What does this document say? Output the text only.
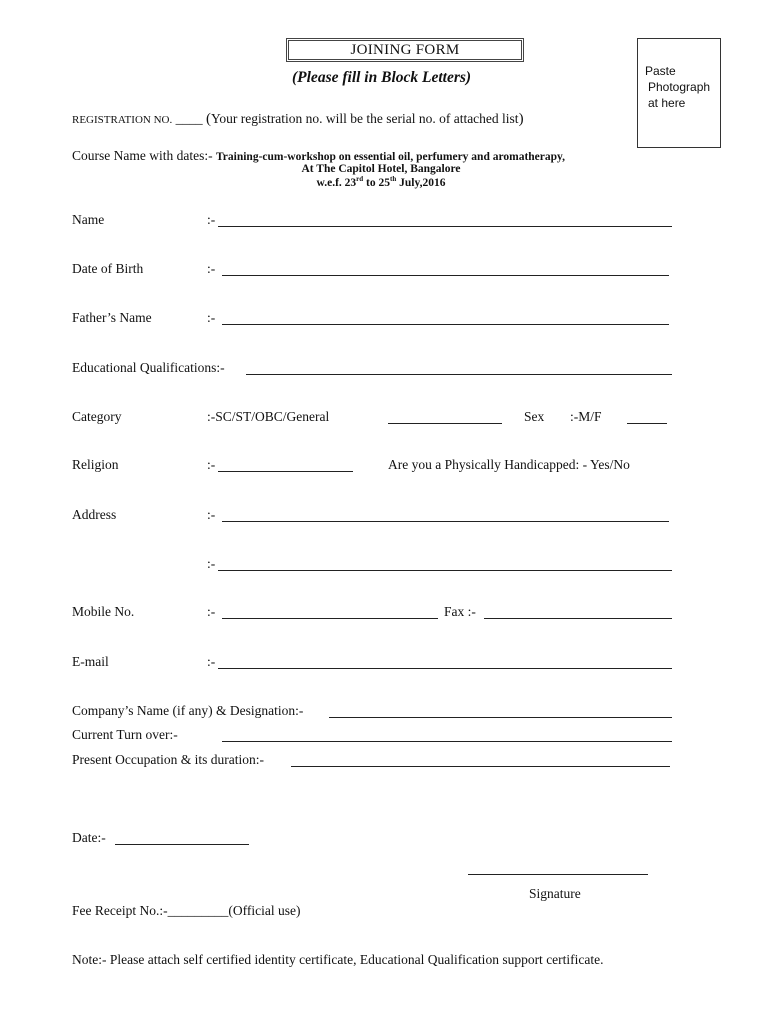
JOINING FORM
(Please fill in Block Letters)	Paste
Photograph
at here
REGISTRATION NO. ____ (Your registration no. will be the serial no. of attached list)
Course Name with dates:- Training-cum-workshop on essential oil, perfumery and aromatherapy,
At The Capitol Hotel, Bangalore
w.e.f. 23rd to 25th July,2016
Name	:-
Date of Birth	:-
Father’s Name	:-
Educational Qualifications:-
Category	:-SC/ST/OBC/General	Sex :-M/F
Religion	:-	Are you a Physically Handicapped: - Yes/No
Address	:-
:-
Mobile No.	:-	Fax :-
E-mail	:-
Company’s Name (if any) & Designation:-
Current Turn over:-
Present Occupation & its duration:-
Date:-
Signature
Fee Receipt No.:-_________(Official use)
Note:- Please attach self certified identity certificate, Educational Qualification support certificate.
